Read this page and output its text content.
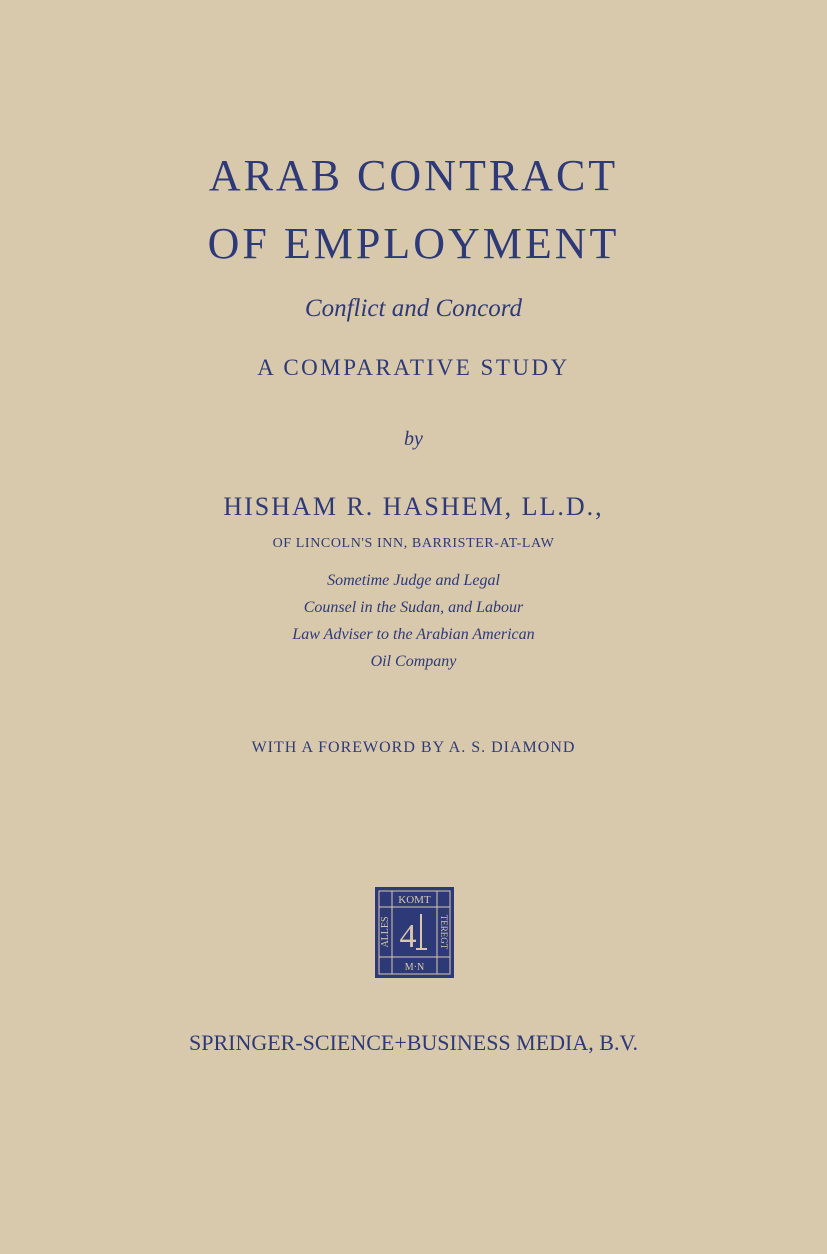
ARAB CONTRACT
OF EMPLOYMENT
Conflict and Concord
A COMPARATIVE STUDY
by
HISHAM R. HASHEM, LL.D.,
OF LINCOLN'S INN, BARRISTER-AT-LAW
Sometime Judge and Legal
Counsel in the Sudan, and Labour
Law Adviser to the Arabian American
Oil Company
WITH A FOREWORD BY A. S. DIAMOND
KOMT
M·N
ALLES	TEREGT
4
SPRINGER-SCIENCE+BUSINESS MEDIA, B.V.
